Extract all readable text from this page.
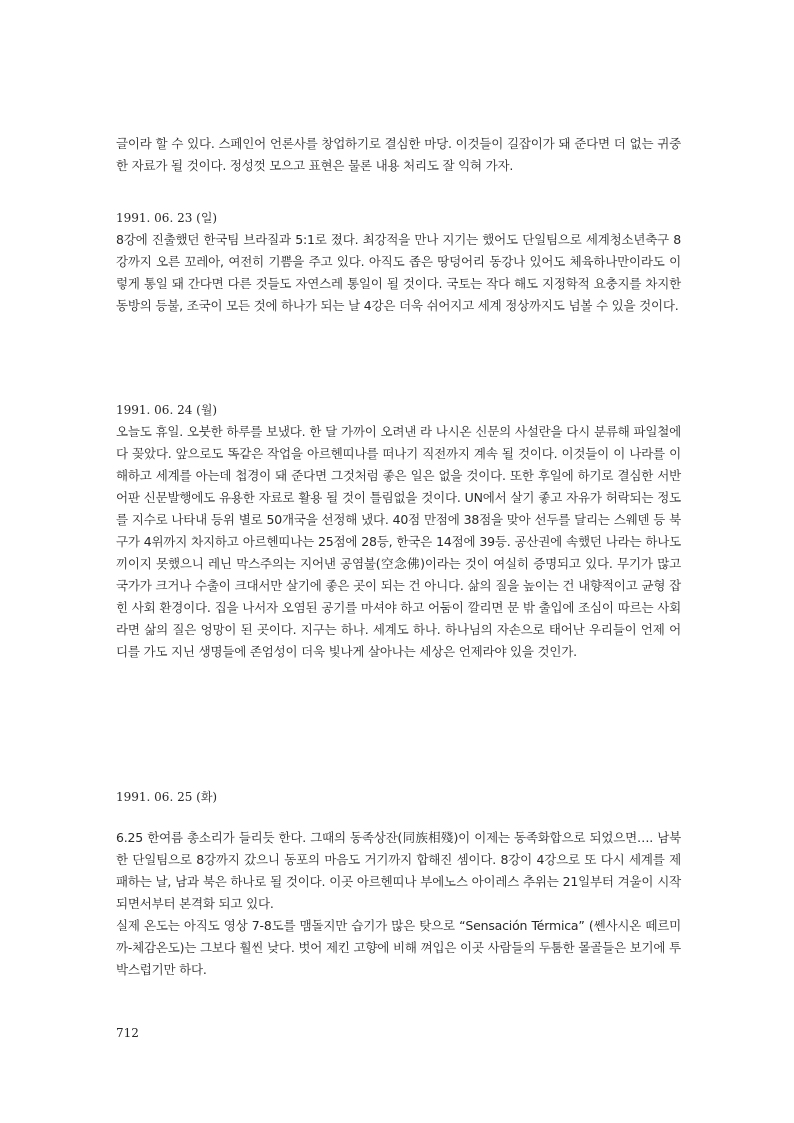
글이라 할 수 있다. 스페인어 언론사를 창업하기로 결심한 마당. 이것들이 길잡이가 돼 준다면 더 없는 귀중한 자료가 될 것이다. 정성껏 모으고 표현은 물론 내용 처리도 잘 익혀 가자.

1991. 06. 23 (일)

8강에 진출했던 한국팀 브라질과 5:1로 졌다. 최강적을 만나 지기는 했어도 단일팀으로 세계청소년축구 8강까지 오른 꼬레아, 여전히 기쁨을 주고 있다. 아직도 좁은 땅덩어리 동강나 있어도 체육하나만이라도 이렇게 통일 돼 간다면 다른 것들도 자연스레 통일이 될 것이다. 국토는 작다 해도 지정학적 요충지를 차지한 동방의 등불, 조국이 모든 것에 하나가 되는 날 4강은 더욱 쉬어지고 세계 정상까지도 넘볼 수 있을 것이다.

1991. 06. 24 (월)

오늘도 휴일. 오붓한 하루를 보냈다. 한 달 가까이 오려낸 라 나시온 신문의 사설란을 다시 분류해 파일철에다 꽂았다. 앞으로도 똑같은 작업을 아르헨띠나를 떠나기 직전까지 계속 될 것이다. 이것들이 이 나라를 이해하고 세계를 아는데 첩경이 돼 준다면 그것처럼 좋은 일은 없을 것이다. 또한 후일에 하기로 결심한 서반어판 신문발행에도 유용한 자료로 활용 될 것이 틀림없을 것이다. UN에서 살기 좋고 자유가 허락되는 정도를 지수로 나타내 등위 별로 50개국을 선정해 냈다. 40점 만점에 38점을 맞아 선두를 달리는 스웨덴 등 북구가 4위까지 차지하고 아르헨띠나는 25점에 28등, 한국은 14점에 39등. 공산권에 속했던 나라는 하나도 끼이지 못했으니 레닌 막스주의는 지어낸 공염불(空念佛)이라는 것이 여실히 증명되고 있다. 무기가 많고 국가가 크거나 수출이 크대서만 살기에 좋은 곳이 되는 건 아니다. 삶의 질을 높이는 건 내향적이고 균형 잡힌 사회 환경이다. 집을 나서자 오염된 공기를 마셔야 하고 어둠이 깔리면 문 밖 출입에 조심이 따르는 사회라면 삶의 질은 엉망이 된 곳이다. 지구는 하나. 세계도 하나. 하나님의 자손으로 태어난 우리들이 언제 어디를 가도 지닌 생명들에 존엄성이 더욱 빛나게 살아나는 세상은 언제라야 있을 것인가.

1991. 06. 25 (화)

6.25 한여름 총소리가 들리듯 한다. 그때의 동족상잔(同族相殘)이 이제는 동족화합으로 되었으면…. 남북한 단일팀으로 8강까지 갔으니 동포의 마음도 거기까지 합해진 셈이다. 8강이 4강으로 또 다시 세계를 제패하는 날, 남과 북은 하나로 될 것이다. 이곳 아르헨띠나 부에노스 아이레스 추위는 21일부터 겨울이 시작 되면서부터 본격화 되고 있다.

실제 온도는 아직도 영상 7-8도를 맴돌지만 습기가 많은 탓으로 “Sensación Térmica” (쎈사시온 떼르미까-체감온도)는 그보다 훨씬 낮다. 벗어 제킨 고향에 비해 껴입은 이곳 사람들의 두툼한 몰골들은 보기에 투박스럽기만 하다.

712
